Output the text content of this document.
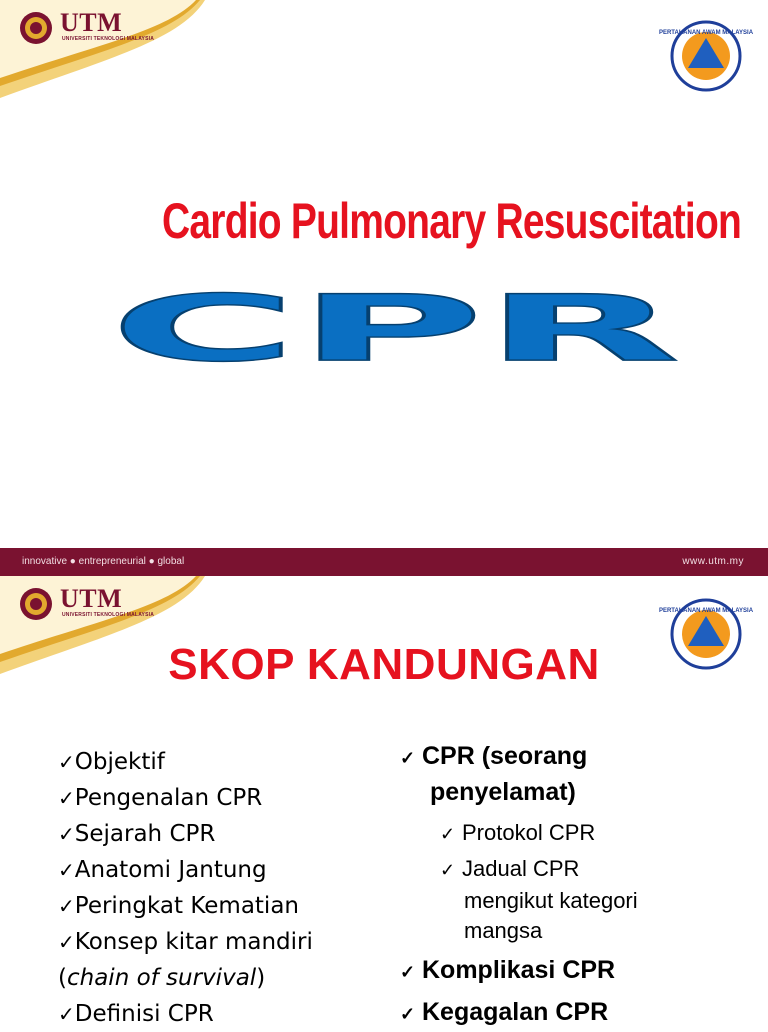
UTM
UNIVERSITI TEKNOLOGI MALAYSIA
PERTAHANAN AWAM MALAYSIA
Cardio Pulmonary Resuscitation
CPR
innovative ● entrepreneurial ● global	www.utm.my
UTM
UNIVERSITI TEKNOLOGI MALAYSIA
PERTAHANAN AWAM MALAYSIA
SKOP KANDUNGAN
✓Objektif
✓Pengenalan CPR
✓Sejarah CPR
✓Anatomi Jantung
✓Peringkat Kematian
✓Konsep kitar mandiri
(chain of survival)
✓Definisi CPR
✓ CPR (seorang
penyelamat)
✓ Protokol CPR
✓ Jadual CPR
mengikut kategori
mangsa
✓ Komplikasi CPR
✓ Kegagalan CPR
